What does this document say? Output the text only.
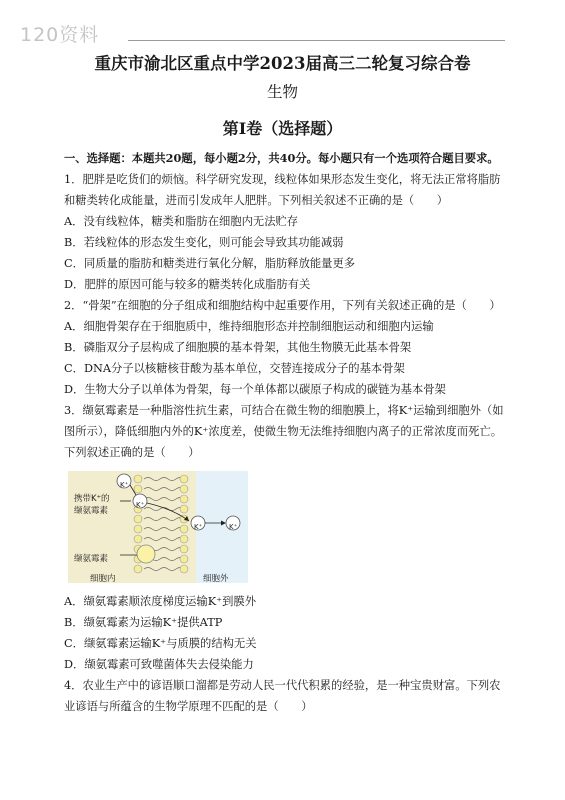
120资料
重庆市渝北区重点中学2023届高三二轮复习综合卷
生物
第Ⅰ卷（选择题）
一、选择题：本题共20题，每小题2分，共40分。每小题只有一个选项符合题目要求。
1．肥胖是吃货们的烦恼。科学研究发现，线粒体如果形态发生变化，将无法正常将脂肪和糖类转化成能量，进而引发成年人肥胖。下列相关叙述不正确的是（　　）
A．没有线粒体，糖类和脂肪在细胞内无法贮存
B．若线粒体的形态发生变化，则可能会导致其功能减弱
C．同质量的脂肪和糖类进行氧化分解，脂肪释放能量更多
D．肥胖的原因可能与较多的糖类转化成脂肪有关
2．“骨架”在细胞的分子组成和细胞结构中起重要作用，下列有关叙述正确的是（　　）
A．细胞骨架存在于细胞质中，维持细胞形态并控制细胞运动和细胞内运输
B．磷脂双分子层构成了细胞膜的基本骨架，其他生物膜无此基本骨架
C．DNA分子以核糖核苷酸为基本单位，交替连接成分子的基本骨架
D．生物大分子以单体为骨架，每一个单体都以碳原子构成的碳链为基本骨架
3．缬氨霉素是一种脂溶性抗生素，可结合在微生物的细胞膜上，将K⁺运输到细胞外（如图所示），降低细胞内外的K⁺浓度差，使微生物无法维持细胞内离子的正常浓度而死亡。下列叙述正确的是（　　）
K⁺
K⁺
K⁺	K⁺
携带K⁺的
缬氨霉素
缬氨霉素
细胞内	细胞外
A．缬氨霉素顺浓度梯度运输K⁺到膜外
B．缬氨霉素为运输K⁺提供ATP
C．缬氨霉素运输K⁺与质膜的结构无关
D．缬氨霉素可致噬菌体失去侵染能力
4．农业生产中的谚语顺口溜都是劳动人民一代代积累的经验，是一种宝贵财富。下列农业谚语与所蕴含的生物学原理不匹配的是（　　）
